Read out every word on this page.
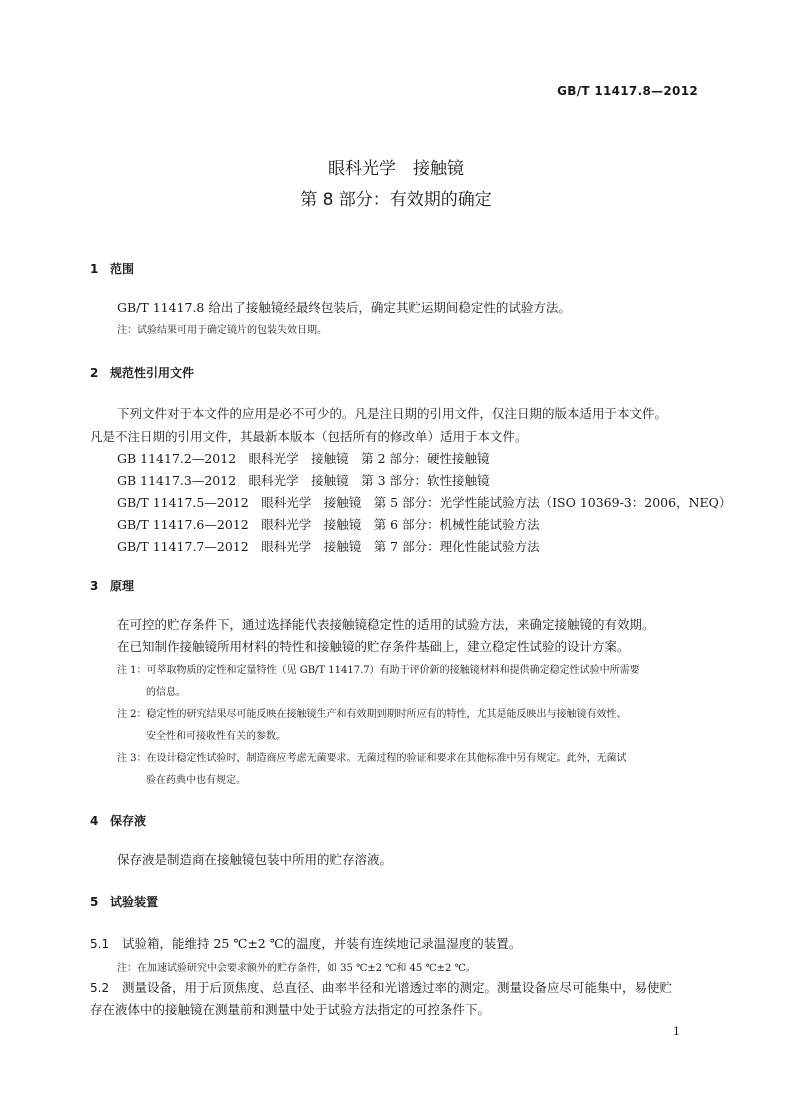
GB/T 11417.8—2012
眼科光学　接触镜
第 8 部分：有效期的确定
1 范围
GB/T 11417.8 给出了接触镜经最终包装后，确定其贮运期间稳定性的试验方法。
注：试验结果可用于确定镜片的包装失效日期。
2 规范性引用文件
下列文件对于本文件的应用是必不可少的。凡是注日期的引用文件，仅注日期的版本适用于本文件。
凡是不注日期的引用文件，其最新本版本（包括所有的修改单）适用于本文件。
GB 11417.2—2012　眼科光学　接触镜　第 2 部分：硬性接触镜
GB 11417.3—2012　眼科光学　接触镜　第 3 部分：软性接触镜
GB/T 11417.5—2012　眼科光学　接触镜　第 5 部分：光学性能试验方法（ISO 10369-3：2006，NEQ）
GB/T 11417.6—2012　眼科光学　接触镜　第 6 部分：机械性能试验方法
GB/T 11417.7—2012　眼科光学　接触镜　第 7 部分：理化性能试验方法
3 原理
在可控的贮存条件下，通过选择能代表接触镜稳定性的适用的试验方法，来确定接触镜的有效期。
在已知制作接触镜所用材料的特性和接触镜的贮存条件基础上，建立稳定性试验的设计方案。
注 1：可萃取物质的定性和定量特性（见 GB/T 11417.7）有助于评价新的接触镜材料和提供确定稳定性试验中所需要
的信息。
注 2：稳定性的研究结果尽可能反映在接触镜生产和有效期到期时所应有的特性，尤其是能反映出与接触镜有效性、
安全性和可接收性有关的参数。
注 3：在设计稳定性试验时，制造商应考虑无菌要求。无菌过程的验证和要求在其他标准中另有规定。此外，无菌试
验在药典中也有规定。
4 保存液
保存液是制造商在接触镜包装中所用的贮存溶液。
5 试验装置
5.1 试验箱，能维持 25 ℃±2 ℃的温度，并装有连续地记录温湿度的装置。
注：在加速试验研究中会要求额外的贮存条件，如 35 ℃±2 ℃和 45 ℃±2 ℃。
5.2 测量设备，用于后顶焦度、总直径、曲率半径和光谱透过率的测定。测量设备应尽可能集中，易使贮
存在液体中的接触镜在测量前和测量中处于试验方法指定的可控条件下。
1
